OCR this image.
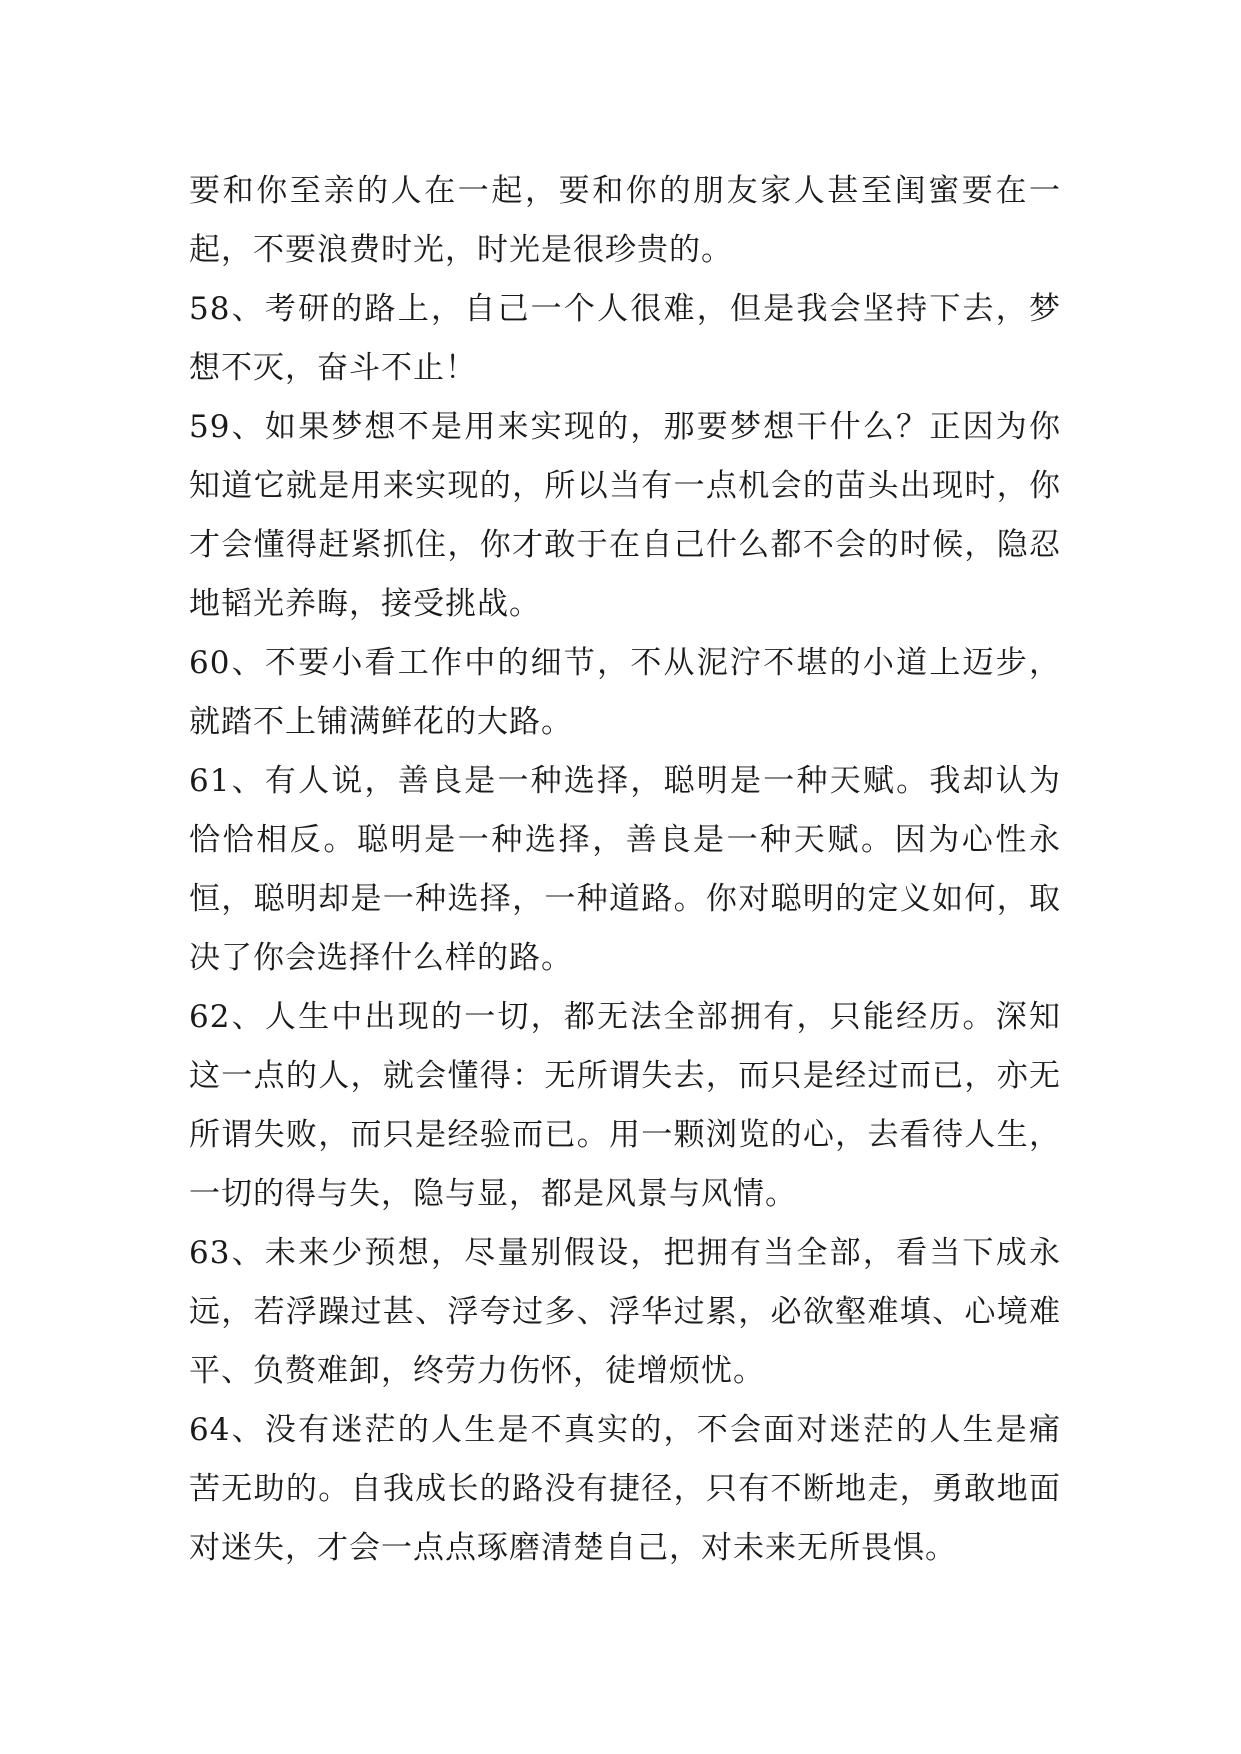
要和你至亲的人在一起，要和你的朋友家人甚至闺蜜要在一起，不要浪费时光，时光是很珍贵的。

58、考研的路上，自己一个人很难，但是我会坚持下去，梦想不灭，奋斗不止！

59、如果梦想不是用来实现的，那要梦想干什么？正因为你知道它就是用来实现的，所以当有一点机会的苗头出现时，你才会懂得赶紧抓住，你才敢于在自己什么都不会的时候，隐忍地韬光养晦，接受挑战。

60、不要小看工作中的细节，不从泥泞不堪的小道上迈步，就踏不上铺满鲜花的大路。

61、有人说，善良是一种选择，聪明是一种天赋。我却认为恰恰相反。聪明是一种选择，善良是一种天赋。因为心性永恒，聪明却是一种选择，一种道路。你对聪明的定义如何，取决了你会选择什么样的路。

62、人生中出现的一切，都无法全部拥有，只能经历。深知这一点的人，就会懂得：无所谓失去，而只是经过而已，亦无所谓失败，而只是经验而已。用一颗浏览的心，去看待人生，一切的得与失，隐与显，都是风景与风情。

63、未来少预想，尽量别假设，把拥有当全部，看当下成永远，若浮躁过甚、浮夸过多、浮华过累，必欲壑难填、心境难平、负赘难卸，终劳力伤怀，徒增烦忧。

64、没有迷茫的人生是不真实的，不会面对迷茫的人生是痛苦无助的。自我成长的路没有捷径，只有不断地走，勇敢地面对迷失，才会一点点琢磨清楚自己，对未来无所畏惧。
